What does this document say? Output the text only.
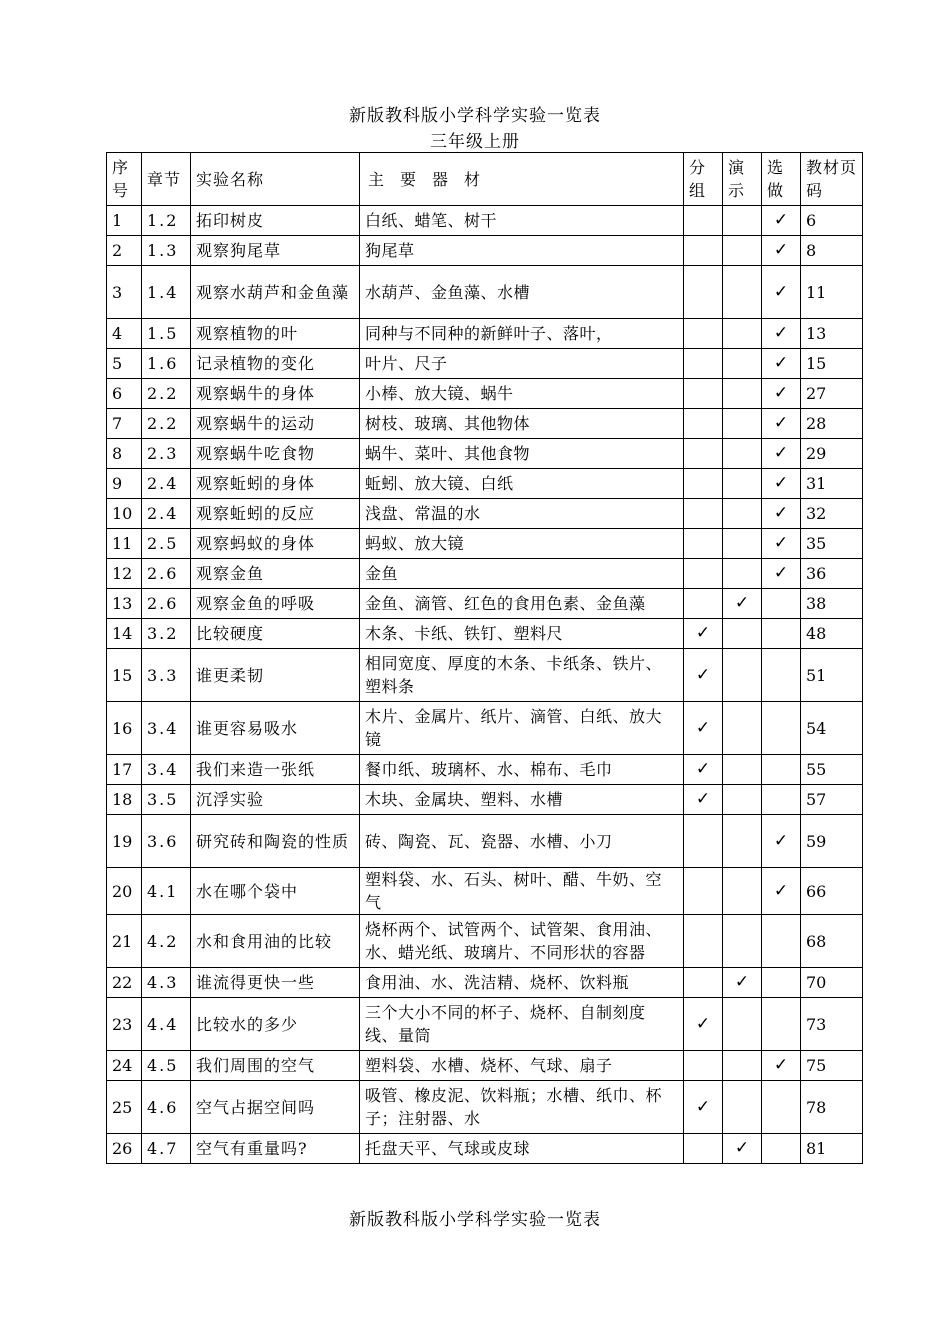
新版教科版小学科学实验一览表
三年级上册
序号	章节	实验名称	主　要　器　材	分组	演示	选做	教材页码
1	1.2	拓印树皮	白纸、蜡笔、树干			✓	6
2	1.3	观察狗尾草	狗尾草			✓	8
3	1.4	观察水葫芦和金鱼藻	水葫芦、金鱼藻、水槽			✓	11
4	1.5	观察植物的叶	同种与不同种的新鲜叶子、落叶，			✓	13
5	1.6	记录植物的变化	叶片、尺子			✓	15
6	2.2	观察蜗牛的身体	小棒、放大镜、蜗牛			✓	27
7	2.2	观察蜗牛的运动	树枝、玻璃、其他物体			✓	28
8	2.3	观察蜗牛吃食物	蜗牛、菜叶、其他食物			✓	29
9	2.4	观察蚯蚓的身体	蚯蚓、放大镜、白纸			✓	31
10	2.4	观察蚯蚓的反应	浅盘、常温的水			✓	32
11	2.5	观察蚂蚁的身体	蚂蚁、放大镜			✓	35
12	2.6	观察金鱼	金鱼			✓	36
13	2.6	观察金鱼的呼吸	金鱼、滴管、红色的食用色素、金鱼藻		✓		38
14	3.2	比较硬度	木条、卡纸、铁钉、塑料尺	✓			48
15	3.3	谁更柔韧	相同宽度、厚度的木条、卡纸条、铁片、塑料条	✓			51
16	3.4	谁更容易吸水	木片、金属片、纸片、滴管、白纸、放大镜	✓			54
17	3.4	我们来造一张纸	餐巾纸、玻璃杯、水、棉布、毛巾	✓			55
18	3.5	沉浮实验	木块、金属块、塑料、水槽	✓			57
19	3.6	研究砖和陶瓷的性质	砖、陶瓷、瓦、瓷器、水槽、小刀			✓	59
20	4.1	水在哪个袋中	塑料袋、水、石头、树叶、醋、牛奶、空气			✓	66
21	4.2	水和食用油的比较	烧杯两个、试管两个、试管架、食用油、水、蜡光纸、玻璃片、不同形状的容器				68
22	4.3	谁流得更快一些	食用油、水、洗洁精、烧杯、饮料瓶		✓		70
23	4.4	比较水的多少	三个大小不同的杯子、烧杯、自制刻度线、量筒	✓			73
24	4.5	我们周围的空气	塑料袋、水槽、烧杯、气球、扇子			✓	75
25	4.6	空气占据空间吗	吸管、橡皮泥、饮料瓶；水槽、纸巾、杯子；注射器、水	✓			78
26	4.7	空气有重量吗?	托盘天平、气球或皮球		✓		81
新版教科版小学科学实验一览表
